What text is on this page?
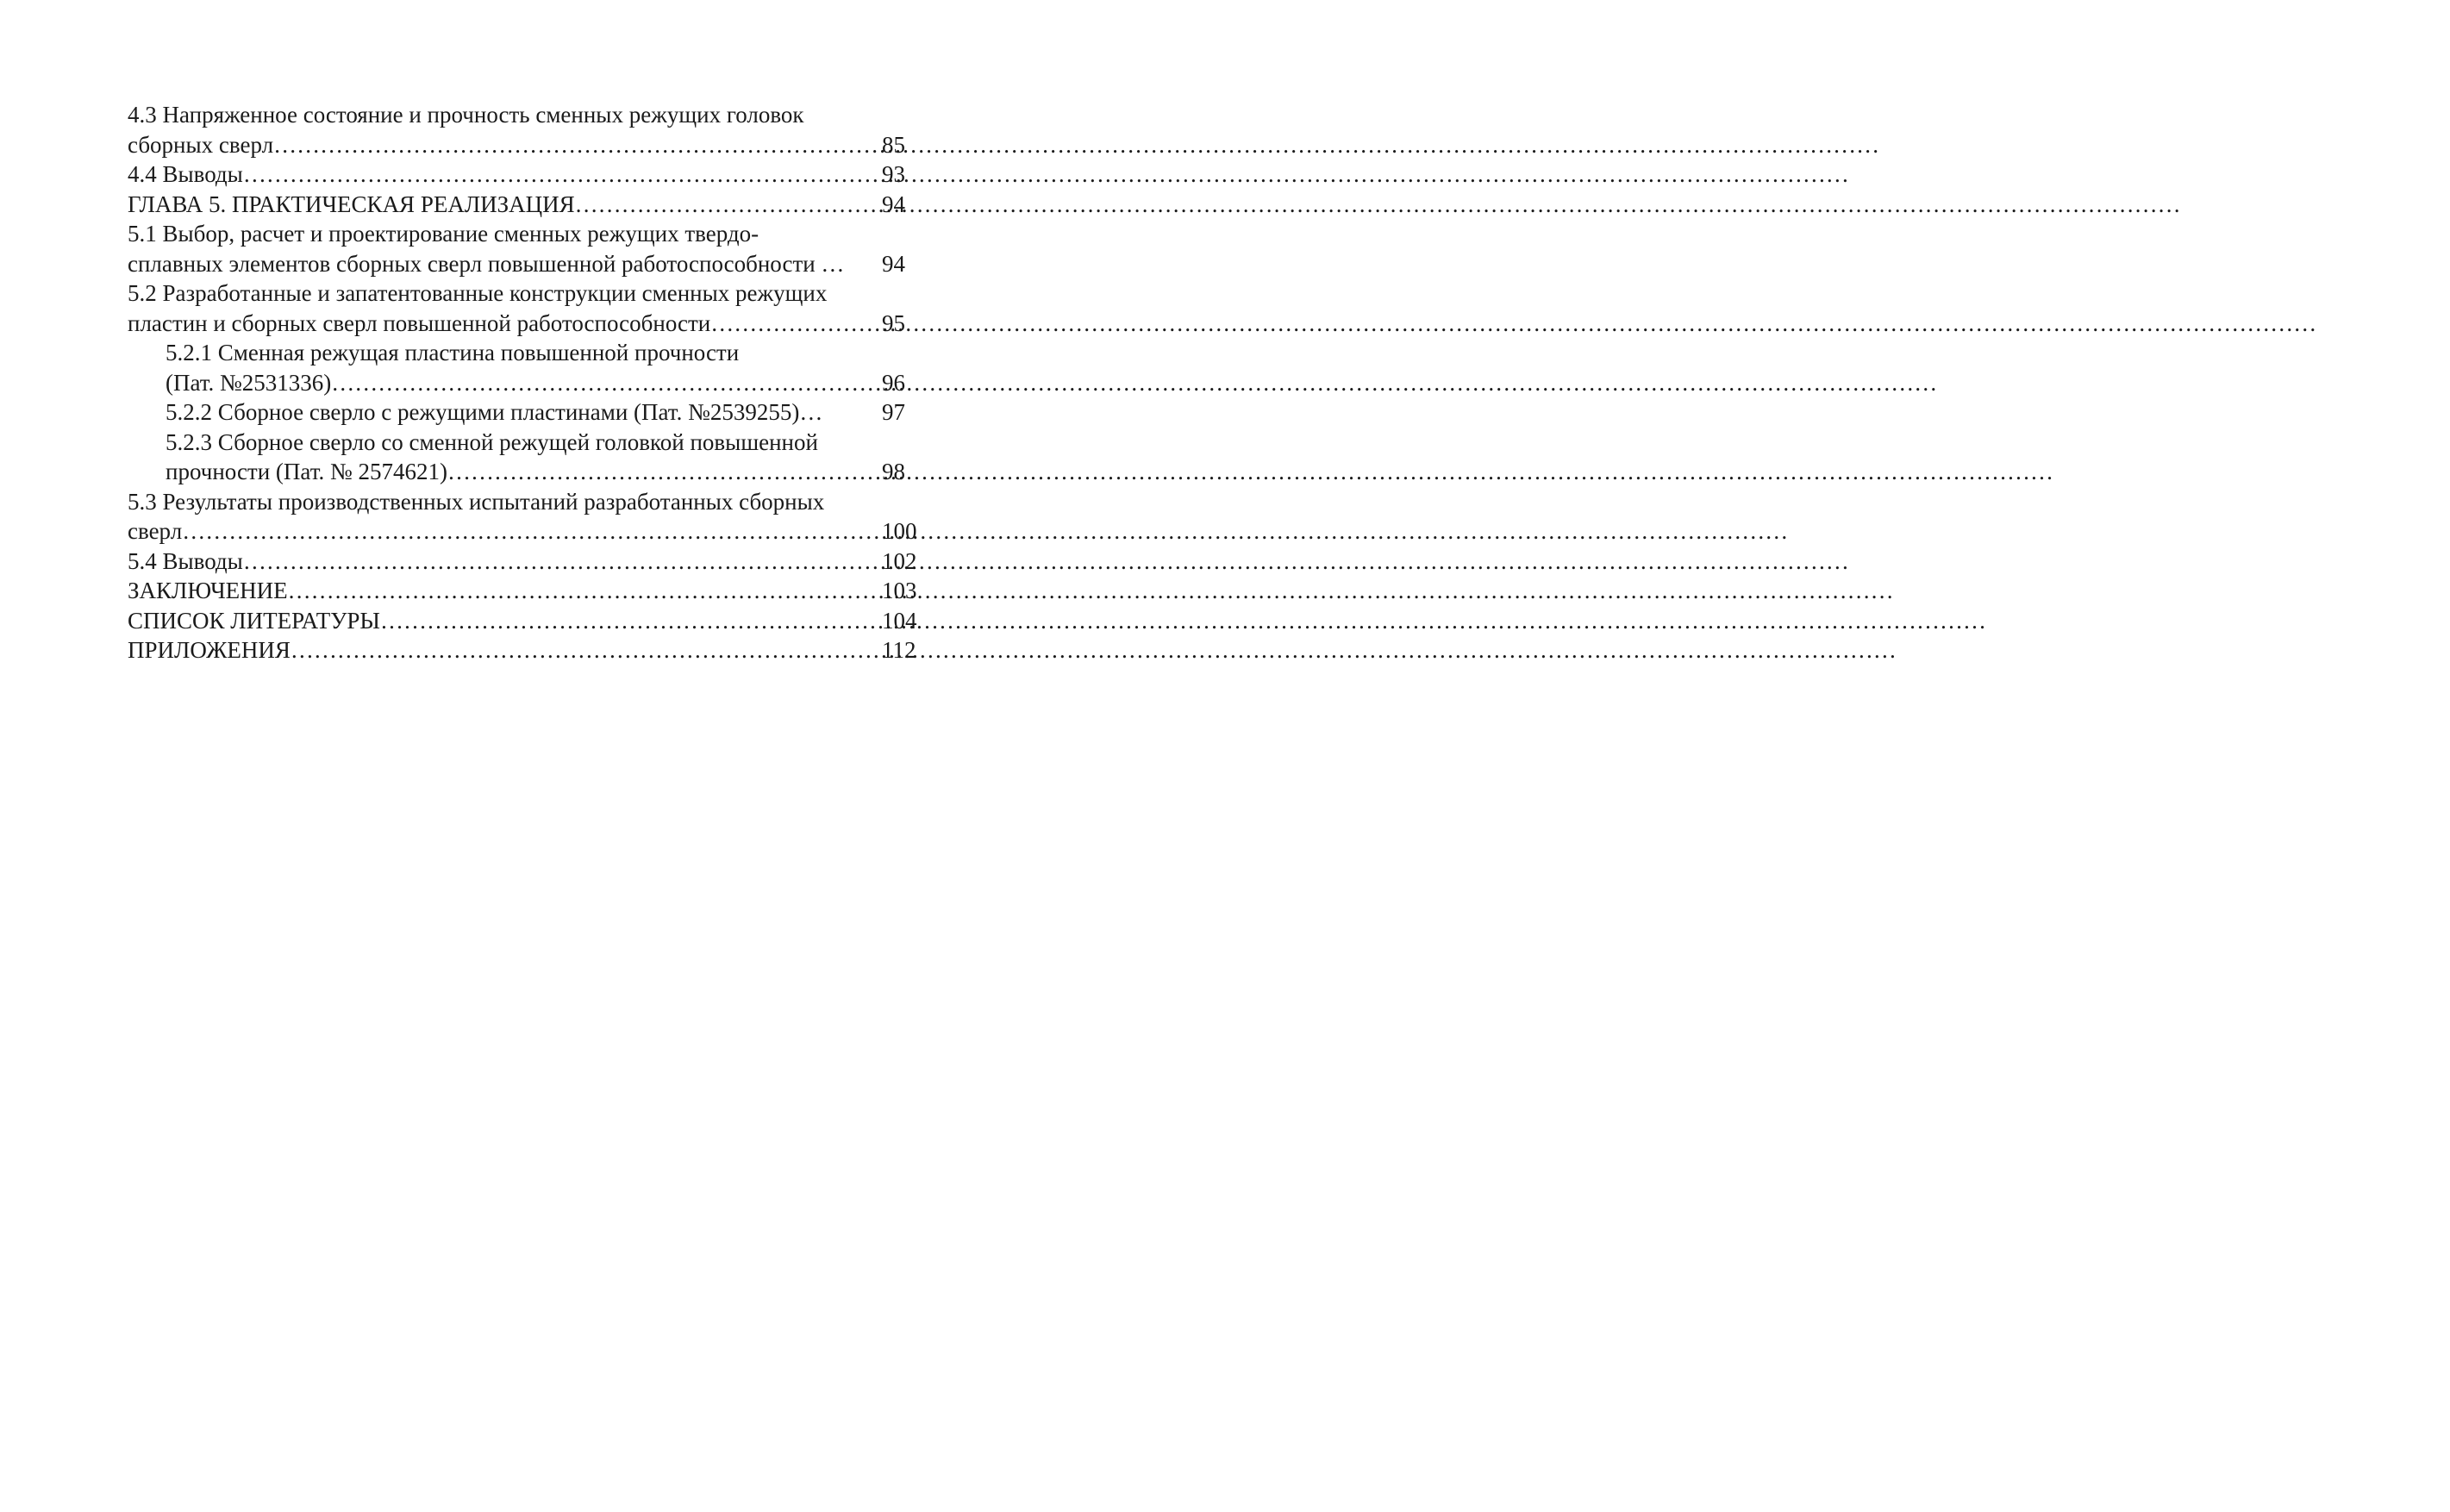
4.3 Напряженное состояние и прочность сменных режущих головок
сборных сверл ………………………………………………………………………………………………………………………………………………………………………………………	85
4.4 Выводы ………………………………………………………………………………………………………………………………………………………………………………………	93
ГЛАВА 5. ПРАКТИЧЕСКАЯ РЕАЛИЗАЦИЯ ………………………………………………………………………………………………………………………………………………………………………………………	94
5.1 Выбор, расчет и проектирование сменных режущих твердо-
сплавных элементов сборных сверл повышенной работоспособности …	94
5.2 Разработанные и запатентованные конструкции сменных режущих
пластин и сборных сверл повышенной работоспособности ………………………………………………………………………………………………………………………………………………………………………………………	95
5.2.1 Сменная режущая пластина повышенной прочности
(Пат. №2531336) ………………………………………………………………………………………………………………………………………………………………………………………	96
5.2.2 Сборное сверло с режущими пластинами (Пат. №2539255)…	97
5.2.3 Сборное сверло со сменной режущей головкой повышенной
прочности (Пат. № 2574621) ………………………………………………………………………………………………………………………………………………………………………………………	98
5.3 Результаты производственных испытаний разработанных сборных
сверл ………………………………………………………………………………………………………………………………………………………………………………………	100
5.4 Выводы ………………………………………………………………………………………………………………………………………………………………………………………	102
ЗАКЛЮЧЕНИЕ ………………………………………………………………………………………………………………………………………………………………………………………	103
СПИСОК ЛИТЕРАТУРЫ ………………………………………………………………………………………………………………………………………………………………………………………	104
ПРИЛОЖЕНИЯ ………………………………………………………………………………………………………………………………………………………………………………………	112
